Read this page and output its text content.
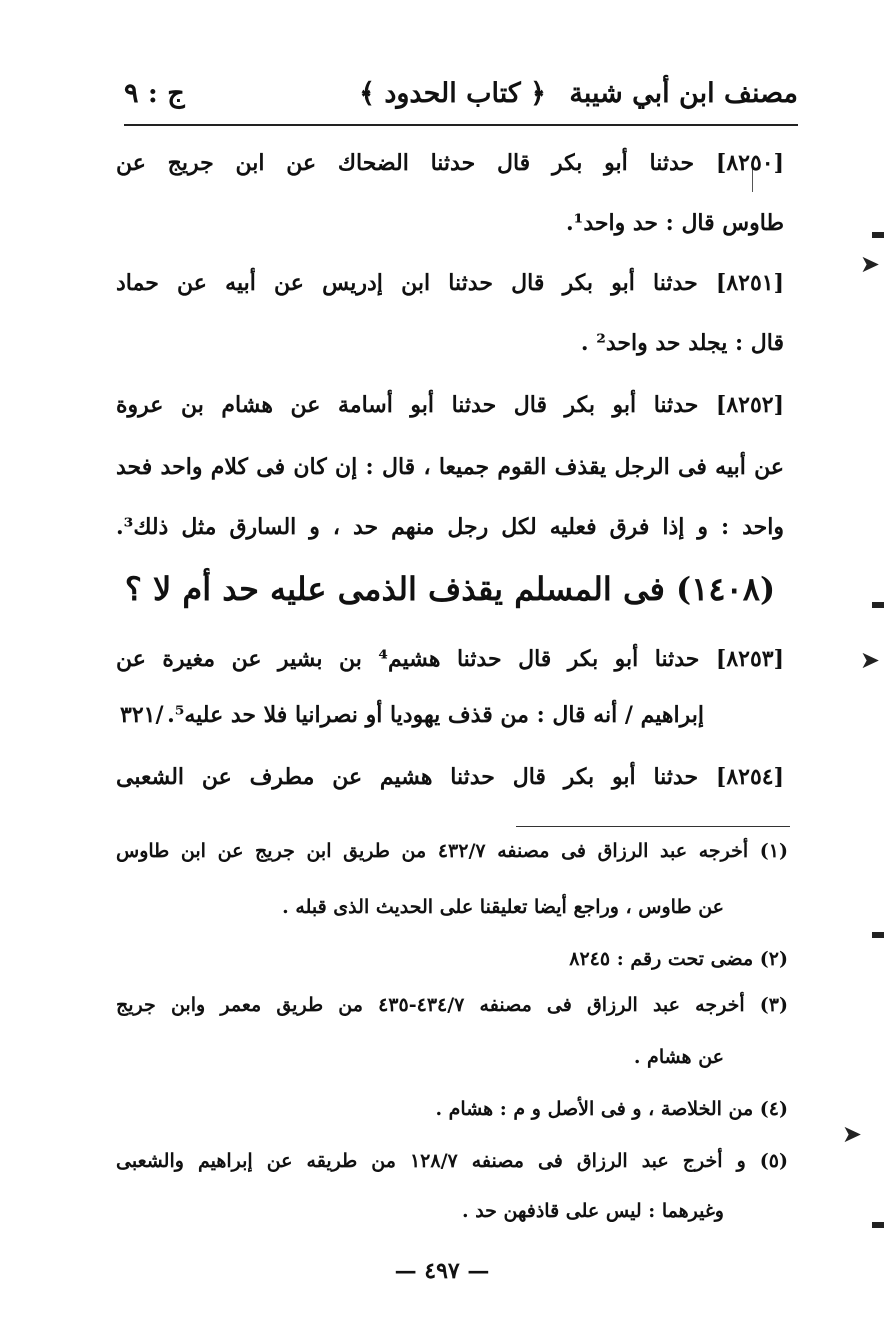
مصنف ابن أبي شيبة
﴿ كتاب الحدود ﴾
ج : ٩
[٨٢٥٠] حدثنا أبو بكر قال حدثنا الضحاك عن ابن جريج عن
طاوس قال : حد واحد¹.
[٨٢٥١] حدثنا أبو بكر قال حدثنا ابن إدريس عن أبيه عن حماد
قال : يجلد حد واحد² .
[٨٢٥٢] حدثنا أبو بكر قال حدثنا أبو أسامة عن هشام بن عروة
عن أبيه فى الرجل يقذف القوم جميعا ، قال : إن كان فى كلام واحد فحد
واحد : و إذا فرق فعليه لكل رجل منهم حد ، و السارق مثل ذلك³.
(١٤٠٨) فى المسلم يقذف الذمى عليه حد أم لا ؟
[٨٢٥٣] حدثنا أبو بكر قال حدثنا هشيم⁴ بن بشير عن مغيرة عن
إبراهيم / أنه قال : من قذف يهوديا أو نصرانيا فلا حد عليه⁵.
/٣٢١
[٨٢٥٤] حدثنا أبو بكر قال حدثنا هشيم عن مطرف عن الشعبى
(١) أخرجه عبد الرزاق فى مصنفه ٤٣٢/٧ من طريق ابن جريج عن ابن طاوس
عن طاوس ، وراجع أيضا تعليقنا على الحديث الذى قبله .
(٢) مضى تحت رقم : ٨٢٤٥
(٣) أخرجه عبد الرزاق فى مصنفه ٤٣٤/٧-٤٣٥ من طريق معمر وابن جريج
عن هشام .
(٤) من الخلاصة ، و فى الأصل و م : هشام .
(٥) و أخرج عبد الرزاق فى مصنفه ١٢٨/٧ من طريقه عن إبراهيم والشعبى
وغيرهما : ليس على قاذفهن حد .
— ٤٩٧ —
➤
➤
➤
